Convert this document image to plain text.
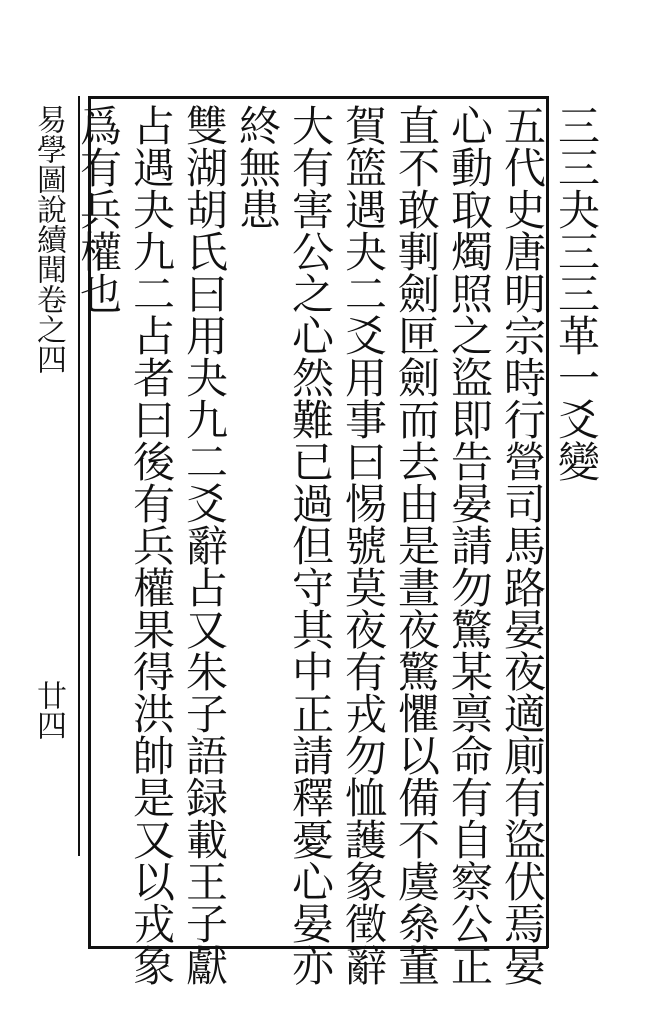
三三夬三三革一爻變
五代史唐明宗時行營司馬路晏夜適廁有盜伏焉晏
心動取燭照之盜即告晏請勿驚某禀命有自察公正
直不敢剚劍匣劍而去由是晝夜驚懼以備不虞㕘董
賀篮遇夬二爻用事曰惕號莫夜有戎勿恤䕶象徵辭
大有害公之心然難已過但守其中正請釋憂心晏亦
終無患
雙湖胡氏曰用夬九二爻辭占又朱子語録載王子獻
占遇夬九二占者曰後有兵權果得洪帥是又以戎象
爲有兵權也
易學圖說續聞卷之四
廿四
